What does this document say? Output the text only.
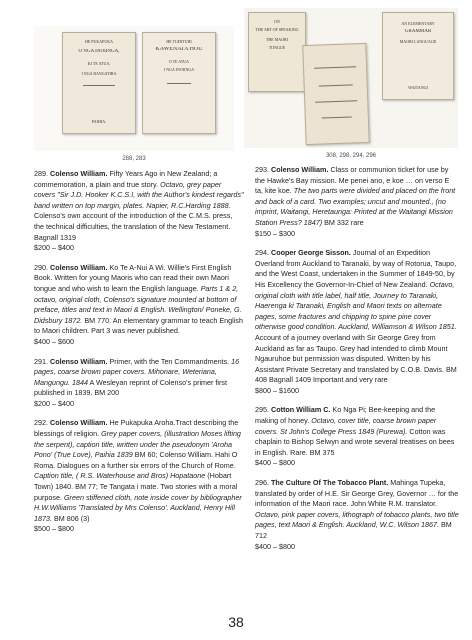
HE PUKAPUKA
O NGA INOIINGA,
KI TE ATUA,
I NGA RANGATIRA
PAIHIA.
HE TUHITUHI
KAWENATA HOU
O TE ATUA
I NGA INOIINGA
288, 283
ON
THE ART OF SPEAKING
THE MAORI
TONGUE
AN ELEMENTARY
GRAMMAR
MAORI LANGUAGE
WAITANGI
308, 298, 294, 296

289. Colenso William. Fifty Years Ago in New Zealand; a commemoration, a plain and true story. Octavo, grey paper covers "Sir J.D. Hooker K.C.S.I, with the Author's kindest regards" band written on top margin, plates. Napier, R.C.Harding 1888. Colenso's own account of the introduction of the C.M.S. press, the technical difficulties, the translation of the New Testament. Bagnall 1319

$200 – $400

290. Colenso William. Ko Te A-Nui A Wi. Willie's First English Book. Written for young Maoris who can read their own Maori tongue and who wish to learn the English language. Parts 1 & 2, octavo, original cloth, Colenso's signature mounted at bottom of preface, titles and text in Maori & English. Wellington/ Poneke, G. Didsbury 1872. BM 770. An elementary grammar to teach English to Maori children. Part 3 was never published.

$400 – $600

291. Colenso William. Primer, with the Ten Commandments. 16 pages, coarse brown paper covers. Mihonare, Weteriana, Mangungu. 1844 A Wesleyan reprint of Colenso's primer first published in 1839. BM 200

$200 – $400

292. Colenso William. He Pukapuka Aroha.Tract describing the blessings of religion. Grey paper covers, (illustration Moses lifting the serpent), caption title, written under the pseudonym 'Aroha Pono' (True Love), Paihia 1839 BM 60; Colenso William. Hahi O Roma. Dialogues on a further six errors of the Church of Rome. Caption title, ( R.S. Waterhouse and Bros) Hopataone (Hobart Town) 1840. BM 77; Te Tangata i mate. Two stories with a moral purpose. Green stiffened cloth, note inside cover by bibliographer H.W.Williams 'Translated by Mrs Colenso'. Auckland, Henry Hill 1873. BM 806 (3)

$500 – $800

293. Colenso William. Class or communion ticket for use by the Hawke's Bay mission. Me penei ano, e koe … on verso E ta, kite koe. The two parts were divided and placed on the front and back of a card. Two examples; uncut and mounted., (no imprint, Waitangi, Heretaunga: Printed at the Waitangi Mission Station Press? 1847) BM 332 rare

$150 – $300

294. Cooper George Sisson. Journal of an Expedition Overland from Auckland to Taranaki, by way of Rotorua, Taupo, and the West Coast, undertaken in the Summer of 1849-50, by His Excellency the Governor-In-Chief of New Zealand. Octavo, original cloth with title label, half title, Journey to Taranaki, Haerenga ki Taranaki, English and Maori texts on alternate pages, some fractures and chipping to spine pine cover otherwise good condition. Auckland, Williamson & Wilson 1851. Account of a journey overland with Sir George Grey from Auckland as far as Taupo. Grey had intended to climb Mount Ngauruhoe but permission was disputed. Written by his Assistant Private Secretary and translated by C.O.B. Davis. BM 408 Bagnall 1409 Important and very rare

$800 – $1600

295. Cotton William C. Ko Nga Pi; Bee-keeping and the making of honey. Octavo, cover title, coarse brown paper covers. St John's College Press 1849 (Purewa). Cotton was chaplain to Bishop Selwyn and wrote several treatises on bees in English. Rare. BM 375

$400 – $800

296. The Culture Of The Tobacco Plant. Mahinga Tupeka, translated by order of H.E. Sir George Grey, Governor … for the information of the Maori race. John White R.M. translator. Octavo, pink paper covers, lithograph of tobacco plants, two title pages, text Maori & English. Auckland, W.C. Wilson 1867. BM 712

$400 – $800
38
